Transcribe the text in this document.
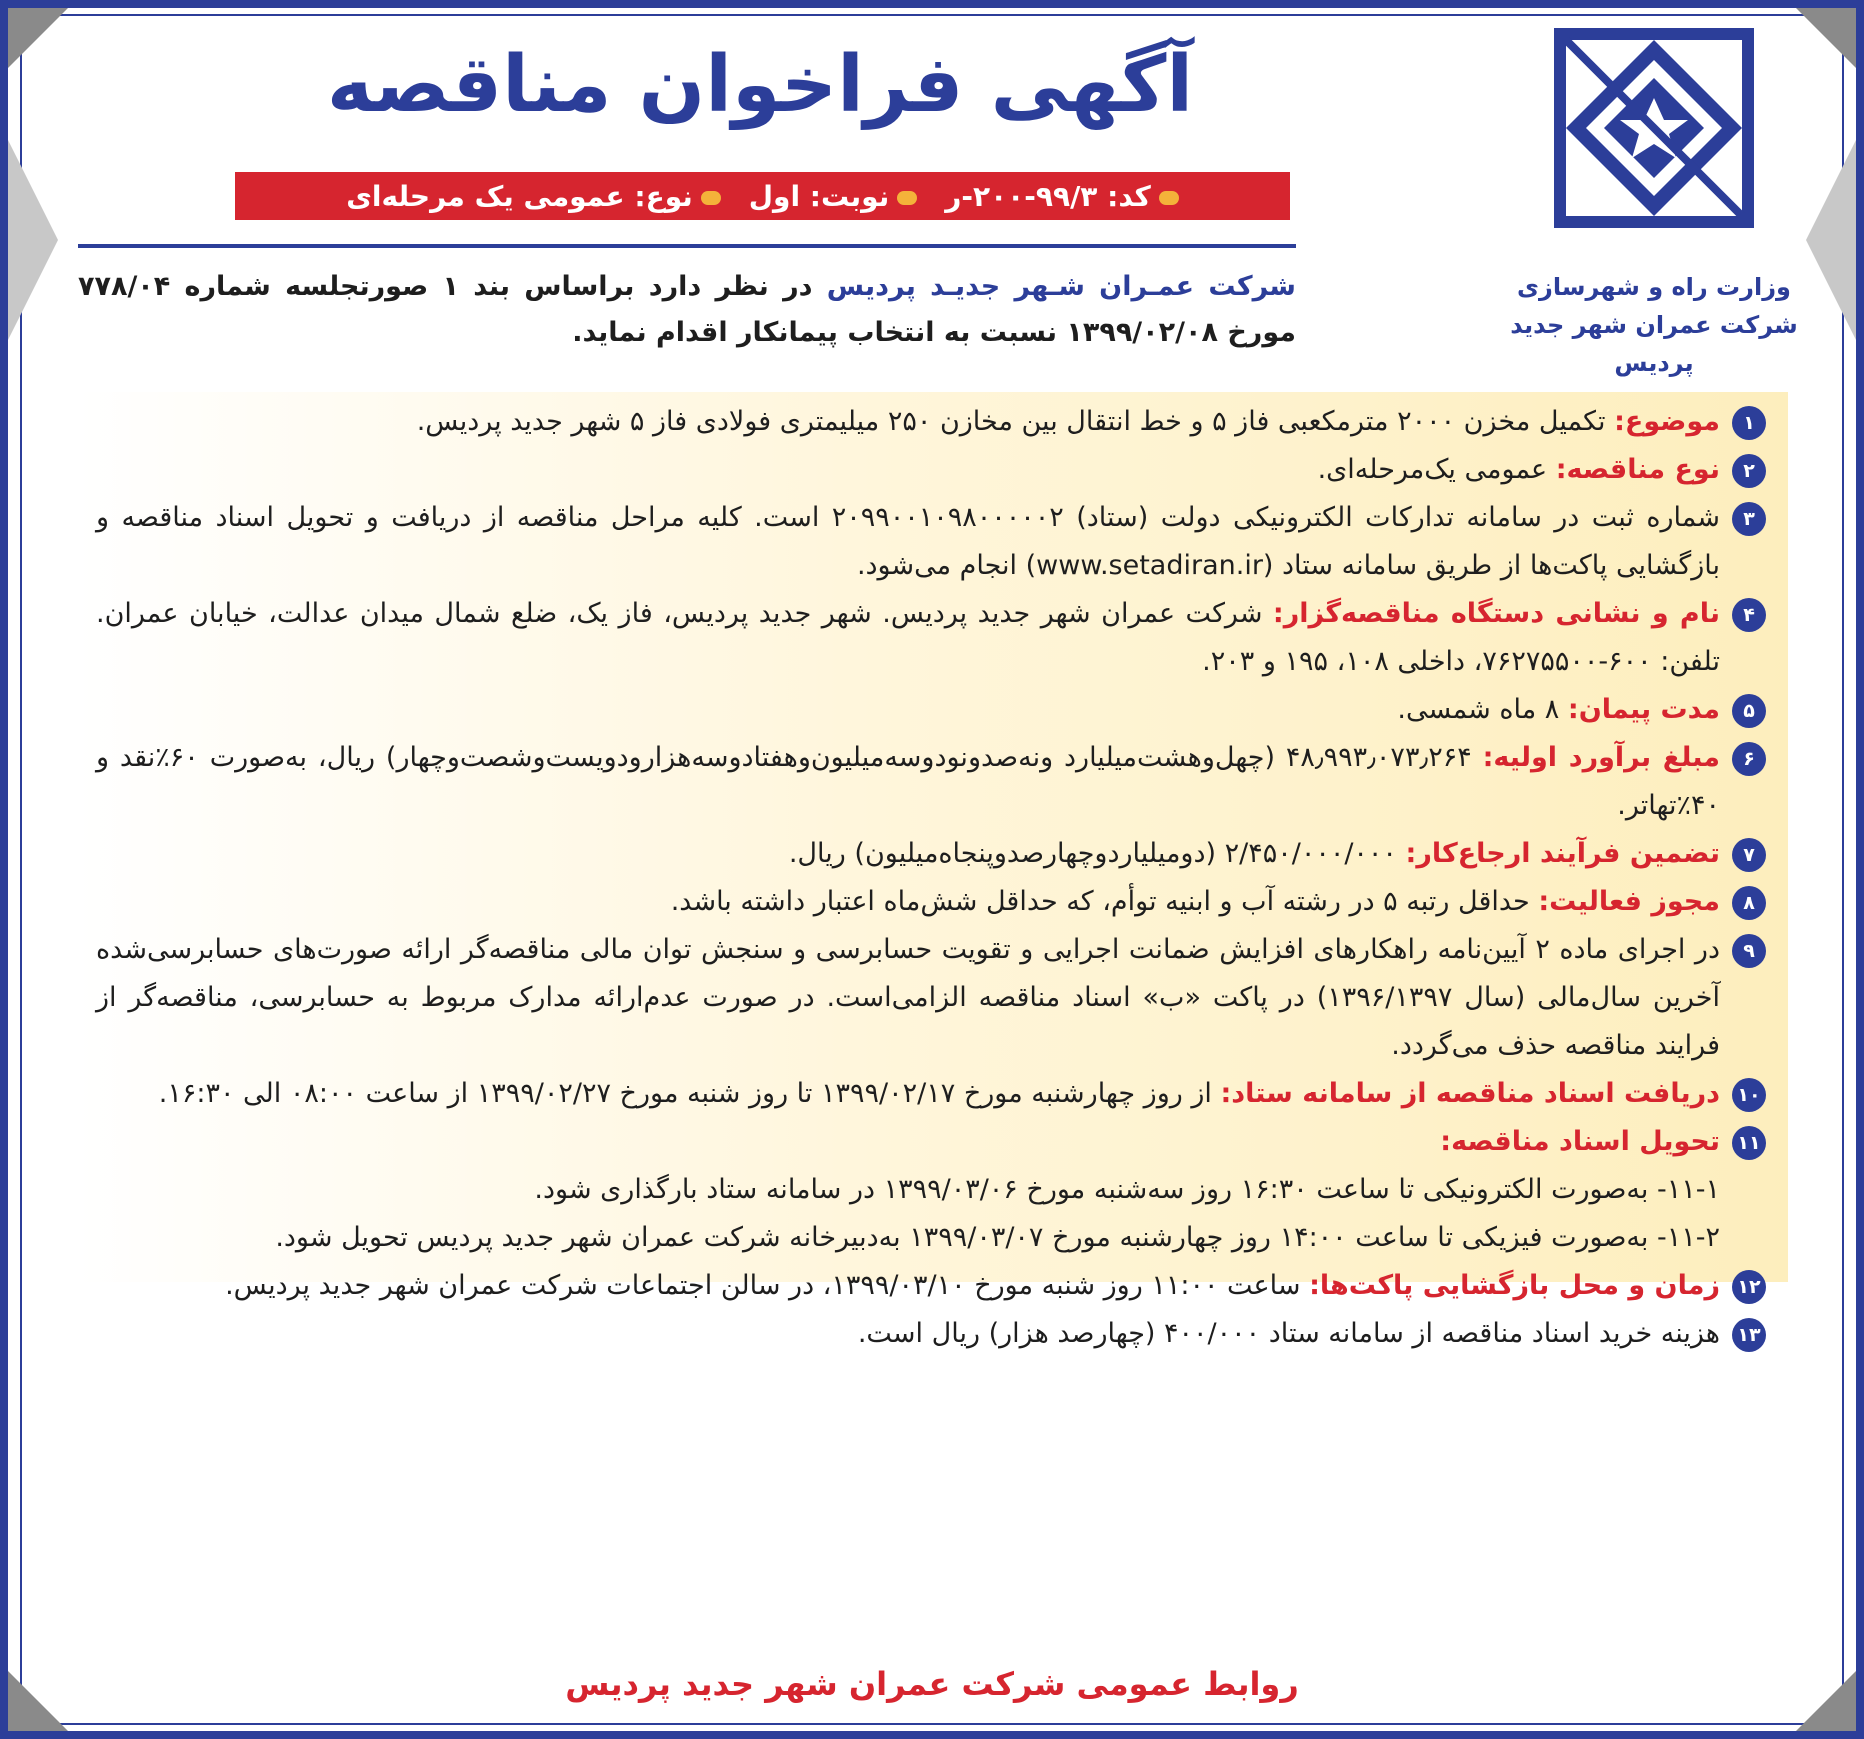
وزارت راه و شهرسازی
شرکت عمران شهر جدید پردیس
آگهی فراخوان مناقصه
کد: ۹۹/۳-۲۰۰-ر
نوبت: اول
نوع: عمومی یک مرحله‌ای
شرکت عمـران شـهر جدیـد پردیس در نظر دارد براساس بند ۱ صورتجلسه شماره ۷۷۸/۰۴ مورخ ۱۳۹۹/۰۲/۰۸ نسبت به انتخاب پیمانکار اقدام نماید.
۱
موضوع: تکمیل مخزن ۲۰۰۰ مترمکعبی فاز ۵ و خط انتقال بین مخازن ۲۵۰ میلیمتری فولادی فاز ۵ شهر جدید پردیس.
۲
نوع مناقصه: عمومی یک‌مرحله‌ای.
۳
شماره ثبت در سامانه تدارکات الکترونیکی دولت (ستاد) ۲۰۹۹۰۰۱۰۹۸۰۰۰۰۰۲ است. کلیه مراحل مناقصه از دریافت و تحویل اسناد مناقصه و بازگشایی پاکت‌ها از طریق سامانه ستاد (www.setadiran.ir) انجام می‌شود.
۴
نام و نشانی دستگاه مناقصه‌گزار: شرکت عمران شهر جدید پردیس. شهر جدید پردیس، فاز یک، ضلع شمال میدان عدالت، خیابان عمران. تلفن: ۶۰۰-۷۶۲۷۵۵۰۰، داخلی ۱۰۸، ۱۹۵ و ۲۰۳.
۵
مدت پیمان: ۸ ماه شمسی.
۶
مبلغ برآورد اولیه: ۴۸٫۹۹۳٫۰۷۳٫۲۶۴ (چهل‌وهشت‌میلیارد ونه‌صدونودوسه‌میلیون‌وهفتادوسه‌هزار‌ودویست‌وشصت‌وچهار) ریال، به‌صورت ۶۰٪نقد و ۴۰٪تهاتر.
۷
تضمین فرآیند ارجاع‌کار: ۲/۴۵۰/۰۰۰/۰۰۰ (دومیلیاردوچهارصدوپنجاه‌میلیون) ریال.
۸
مجوز فعالیت: حداقل رتبه ۵ در رشته آب و ابنیه توأم، که حداقل شش‌ماه اعتبار داشته باشد.
۹
در اجرای ماده ۲ آیین‌نامه راهکارهای افزایش ضمانت اجرایی و تقویت حسابرسی و سنجش توان مالی مناقصه‌گر ارائه صورت‌های حسابرسی‌شده آخرین سال‌مالی (سال ۱۳۹۶/۱۳۹۷) در پاکت «ب» اسناد مناقصه الزامی‌است. در صورت عدم‌ارائه مدارک مربوط به حسابرسی، مناقصه‌گر از فرایند مناقصه حذف می‌گردد.
۱۰
دریافت اسناد مناقصه از سامانه ستاد: از روز چهارشنبه مورخ ۱۳۹۹/۰۲/۱۷ تا روز شنبه مورخ ۱۳۹۹/۰۲/۲۷ از ساعت ۰۸:۰۰ الی ۱۶:۳۰.
۱۱
تحویل اسناد مناقصه:
۱۱-۱- به‌صورت الکترونیکی تا ساعت ۱۶:۳۰ روز سه‌شنبه مورخ ۱۳۹۹/۰۳/۰۶ در سامانه ستاد بارگذاری شود.
۱۱-۲- به‌صورت فیزیکی تا ساعت ۱۴:۰۰ روز چهارشنبه مورخ ۱۳۹۹/۰۳/۰۷ به‌دبیرخانه شرکت عمران شهر جدید پردیس تحویل شود.
۱۲
زمان و محل بازگشایی پاکت‌ها: ساعت ۱۱:۰۰ روز شنبه مورخ ۱۳۹۹/۰۳/۱۰، در سالن اجتماعات شرکت عمران شهر جدید پردیس.
۱۳
هزینه خرید اسناد مناقصه از سامانه ستاد ۴۰۰/۰۰۰ (چهارصد هزار) ریال است.
روابط عمومی شرکت عمران شهر جدید پردیس
